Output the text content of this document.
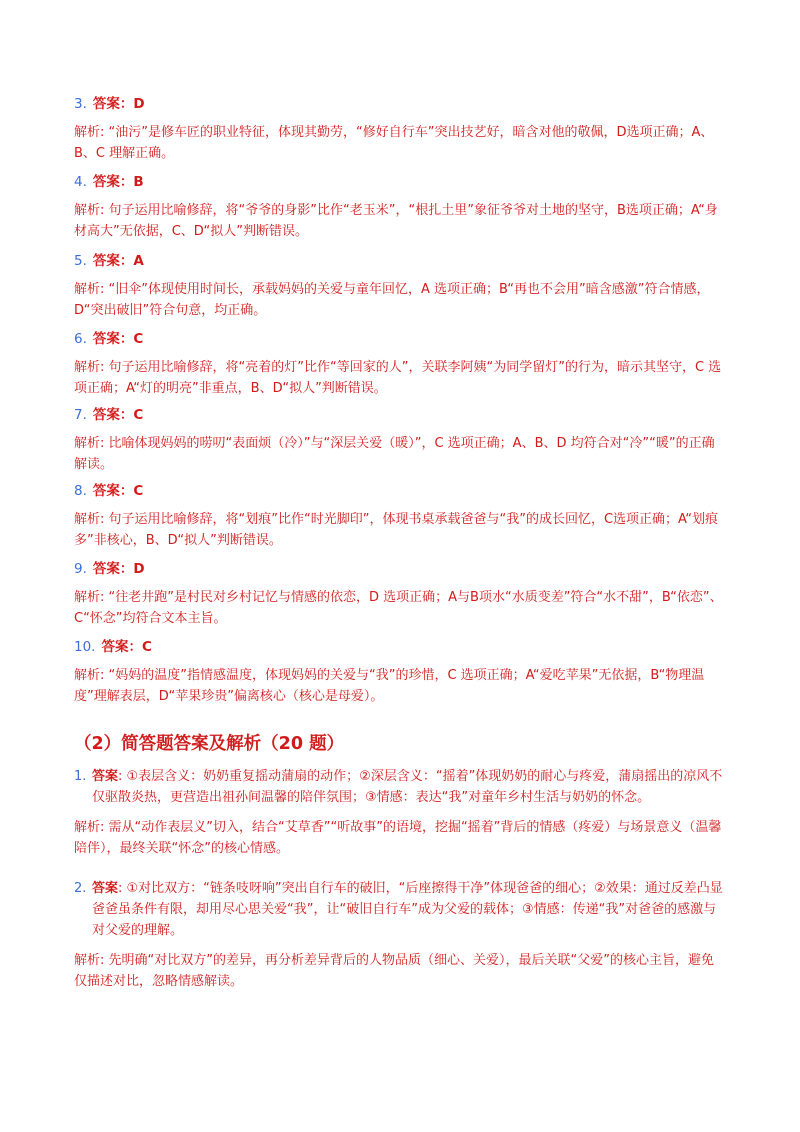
3. 答案：D
解析: “油污”是修车匠的职业特征，体现其勤劳，“修好自行车”突出技艺好，暗含对他的敬佩，D选项正确；A、B、C 理解正确。
4. 答案：B
解析: 句子运用比喻修辞，将“爷爷的身影”比作“老玉米”，“根扎土里”象征爷爷对土地的坚守，B选项正确；A“身材高大”无依据，C、D“拟人”判断错误。
5. 答案：A
解析: “旧伞”体现使用时间长，承载妈妈的关爱与童年回忆，A 选项正确；B“再也不会用”暗含感激”符合情感，D“突出破旧”符合句意，均正确。
6. 答案：C
解析: 句子运用比喻修辞，将“亮着的灯”比作“等回家的人”，关联李阿姨“为同学留灯”的行为，暗示其坚守，C 选项正确；A“灯的明亮”非重点，B、D“拟人”判断错误。
7. 答案：C
解析: 比喻体现妈妈的唠叨“表面烦（冷）”与“深层关爱（暖）”，C 选项正确；A、B、D 均符合对“冷”“暖”的正确解读。
8. 答案：C
解析: 句子运用比喻修辞，将“划痕”比作“时光脚印”，体现书桌承载爸爸与“我”的成长回忆，C选项正确；A“划痕多”非核心，B、D“拟人”判断错误。
9. 答案：D
解析: “往老井跑”是村民对乡村记忆与情感的依恋，D 选项正确；A与B项水“水质变差”符合“水不甜”，B“依恋”、C“怀念”均符合文本主旨。
10. 答案：C
解析: “妈妈的温度”指情感温度，体现妈妈的关爱与“我”的珍惜，C 选项正确；A“爱吃苹果”无依据，B“物理温度”理解表层，D“苹果珍贵”偏离核心（核心是母爱）。
（2）简答题答案及解析（20 题）
1. 答案: ①表层含义：奶奶重复摇动蒲扇的动作；②深层含义：“摇着”体现奶奶的耐心与疼爱，蒲扇摇出的凉风不仅驱散炎热，更营造出祖孙间温馨的陪伴氛围；③情感：表达“我”对童年乡村生活与奶奶的怀念。
解析: 需从“动作表层义”切入，结合“艾草香”“听故事”的语境，挖掘“摇着”背后的情感（疼爱）与场景意义（温馨陪伴），最终关联“怀念”的核心情感。
2. 答案: ①对比双方：“链条吱呀响”突出自行车的破旧，“后座擦得干净”体现爸爸的细心；②效果：通过反差凸显爸爸虽条件有限，却用尽心思关爱“我”，让“破旧自行车”成为父爱的载体；③情感：传递“我”对爸爸的感激与对父爱的理解。
解析: 先明确“对比双方”的差异，再分析差异背后的人物品质（细心、关爱），最后关联“父爱”的核心主旨，避免仅描述对比，忽略情感解读。
